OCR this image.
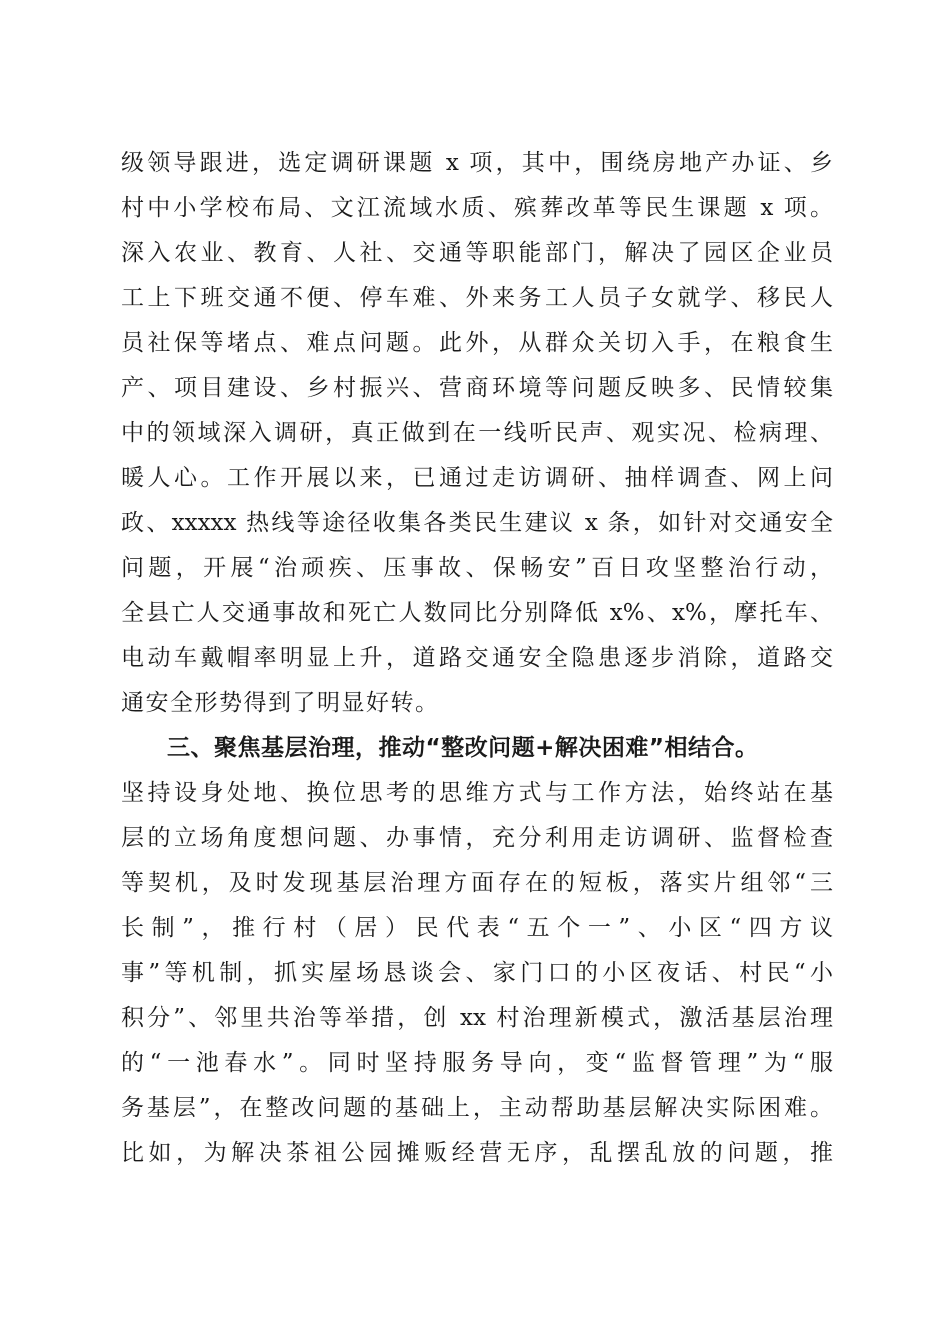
级领导跟进，选定调研课题 x 项，其中，围绕房地产办证、乡
村中小学校布局、文江流域水质、殡葬改革等民生课题 x 项。
深入农业、教育、人社、交通等职能部门，解决了园区企业员
工上下班交通不便、停车难、外来务工人员子女就学、移民人
员社保等堵点、难点问题。此外，从群众关切入手，在粮食生
产、项目建设、乡村振兴、营商环境等问题反映多、民情较集
中的领域深入调研，真正做到在一线听民声、观实况、检病理、
暖人心。工作开展以来，已通过走访调研、抽样调查、网上问
政、xxxxx 热线等途径收集各类民生建议 x 条，如针对交通安全
问题，开展“治顽疾、压事故、保畅安”百日攻坚整治行动，
全县亡人交通事故和死亡人数同比分别降低 x%、x%，摩托车、
电动车戴帽率明显上升，道路交通安全隐患逐步消除，道路交
通安全形势得到了明显好转。
三、聚焦基层治理，推动“整改问题+解决困难”相结合。
坚持设身处地、换位思考的思维方式与工作方法，始终站在基
层的立场角度想问题、办事情，充分利用走访调研、监督检查
等契机，及时发现基层治理方面存在的短板，落实片组邻“三
长制”，推行村（居）民代表“五个一”、小区“四方议
事”等机制，抓实屋场恳谈会、家门口的小区夜话、村民“小
积分”、邻里共治等举措，创 xx 村治理新模式，激活基层治理
的“一池春水”。同时坚持服务导向，变“监督管理”为“服
务基层”，在整改问题的基础上，主动帮助基层解决实际困难。
比如，为解决茶祖公园摊贩经营无序，乱摆乱放的问题，推
